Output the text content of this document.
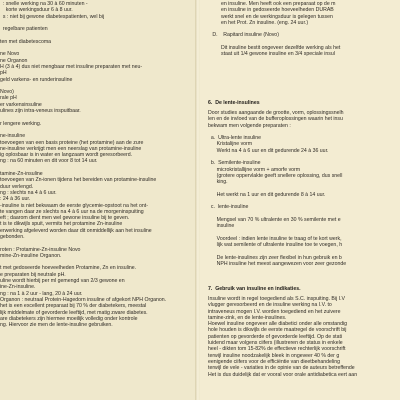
: snelle werking na 30 à 60 minuten -
korte werkingsduur 6 à 8 uur.
s : niet bij gewone diabetespatienten, wel bij

regelbare patienten

ten met diabetescoma

ne Novo
ne Organon
H (3 à 4) dus niet mengbaar met insuline preparaten met neu-
pH
geld varkens- en runderinsuline

Novo)
rale pH
er varkensinsuline
ulines zijn intra-veneus inspuitbaar.

r lengere werking.

ne-insuline
toevoegen van een basis proteine (het protamine) aan de zure
ne-insuline verkrijgt men een neerslag van protamine-insuline
ig oplosbaar is in water en langzaam wordt geresorbeerd.
ng : na 60 minuten en dit voor 8 tot 14 uur.

tamine-Zn-insuline
toevoegen van Zn-ionen tijdens het bereiden van protamine-insuline
duur verlengd.
ng : slechts na 4 à 6 uur.
: 24 à 36 uur.
-insuline is niet bekwaam de eerste glycemie-opstoot na het ont-
te vangen daar ze slechts na 4 à 6 uur na de morgeninspuiting
eft ; daarom dient men wel gewone insuline bij te geven.
t is te dikwijls spuit, vermits het protamine Zn-insuline
erwerking afgeleverd worden daar dit onmiddellijk aan het insuline
gebonden.

roten : Protamine-Zn-insuline Novo
mine-Zn-insuline Organon.

t met gedoseerde hoeveelheden Protamine, Zn en insuline.
e preparaten bij neutrale pH.
uline wordt hierbij per ml gemengd van 2/3 gewone en
ine-Zn-insuline.
ng : na 1 à 2 uur - lang, 20 à 24 uur.
Organon : neutraal Protein-Hagedorn insuline of afgekort NPH Organon.
het is een excellent preparaat bij 70 % der diabetekers, meestal
lijk middelmate of gevorderde leeftijd, met matig zware diabetes.
are diabetekers zijn hiermee moeilijk volledig onder kontrole
ng. Hiervoor zie men de lente-insuline gebruiken.
en insuline. Men heeft ook een preparaat op de m
en insuline in gedoseerde hoeveelheden DURAB
werkt snel en de werkingsduur is gelegen tussen
en het Prot. Zn insuline. (eng. 24 uur.)

D.    Rapitard insuline (Novo)

Dit insuline bestit ongeveer dezelfde werking als het
staat uit 1/4 gewone insuline en 3/4 speciale insul
6.  De lente-insulines
Door studies aangaande de grootte, vorm, oplossingssnelh
len en de invloed van de bufferoplossingen waarin het insu
bekwam men volgende preparaten :

a.  Ultra-lente insuline
Kristalijne vorm
Werkt na 4 à 6 uur en dit gedurende 24 à 36 uur.

b.  Semilente-insuline
microkristallijne vorm + amorfe vorm
(grotere oppervlakte geeft snellere oplossing, dus snell
king.

Het werkt na 1 uur en dit gedurende 8 à 14 uur.

c.  lente-insuline

Mengsel van 70 % ultralente en 30 % semilente met e
insuline

Voordeel : indien lente insuline te traag of te kort werk,
lijk wat semilente of ultralente insuline toe te voegen, h

De lente-insulines zijn zeer flexibel in hun gebruik en b
NPH insuline het meest aangewezen voor zeer gezonde
7.  Gebruik van insuline en indikaties.
Insuline wordt in regel toegediend als S.C. inspuiting. Bij I.V
vlugger geresorbeerd en de insuline werking na I.V. to
intraveneus mogen I.V. worden toegediend en het zuivere
tamine-zink, en de lente-insulines.
Hoewel insuline ongeveer alle diabetici onder alle omstandig
hole houden is dikwijls de eerste maatregel de voorschrift bij
patienten op gevorderde of gevorderde leeftijd. Op de stati
luidend maar volgens ciifers (illustreren de status in enkele
heel - dikten tom 15-82% de effectieve rechterlijk voorschrift
terwijl insuline noodzakelijk bleek in ongeveer 40 % der g
eenigende ciifers voor de efficiëntie van dieetbehandeling
terwijl de vele - variaties in de opinie van de auteurs betreffende
Het is dus duidelijk dat er vooral voor orale antidiabetica eert aan
